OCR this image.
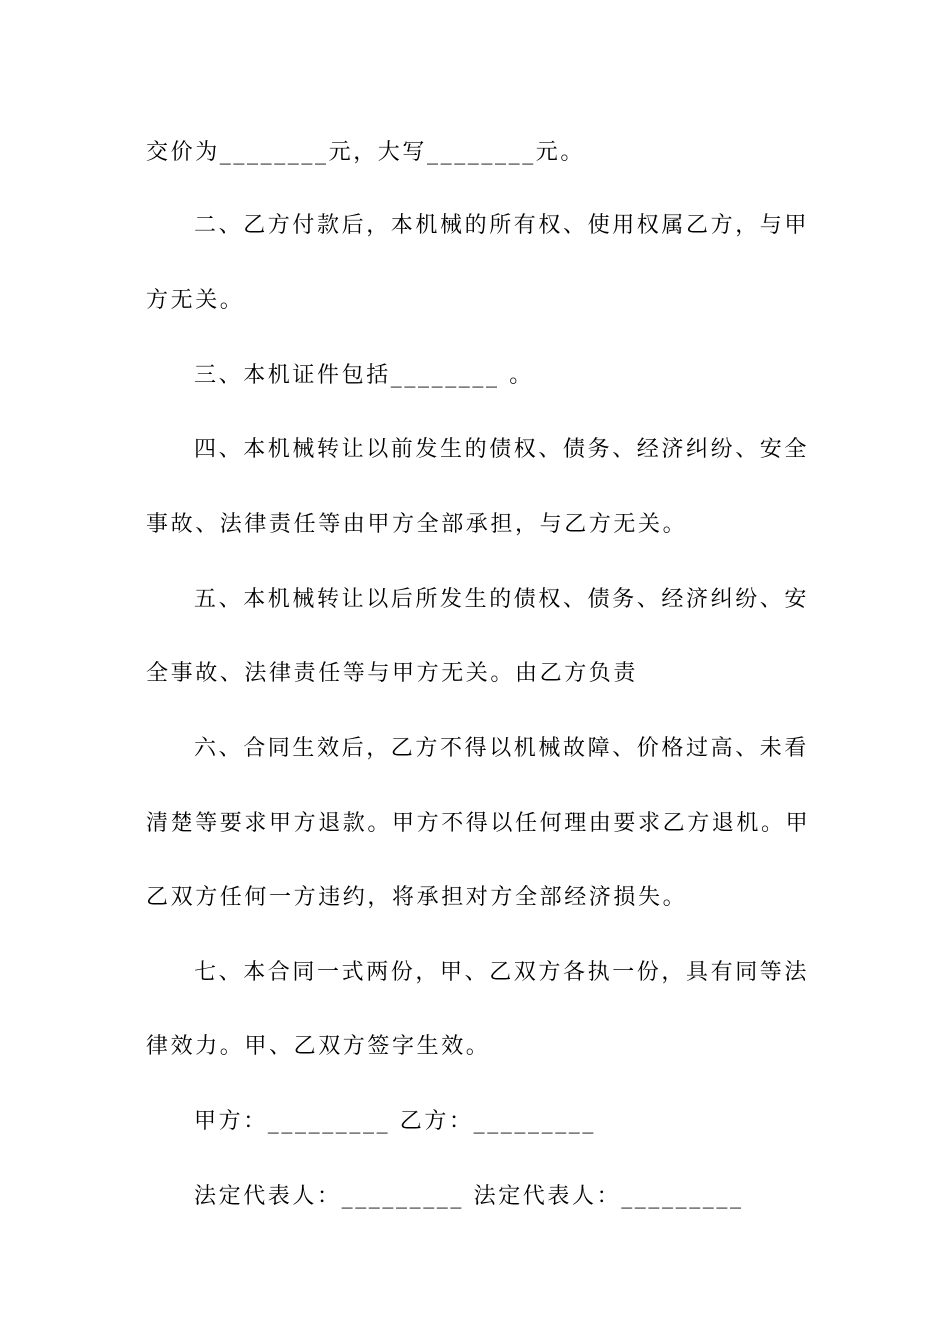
交价为________元，大写________元。
二、乙方付款后，本机械的所有权、使用权属乙方，与甲
方无关。
三、本机证件包括________ 。
四、本机械转让以前发生的债权、债务、经济纠纷、安全
事故、法律责任等由甲方全部承担，与乙方无关。
五、本机械转让以后所发生的债权、债务、经济纠纷、安
全事故、法律责任等与甲方无关。由乙方负责
六、合同生效后，乙方不得以机械故障、价格过高、未看
清楚等要求甲方退款。甲方不得以任何理由要求乙方退机。甲
乙双方任何一方违约，将承担对方全部经济损失。
七、本合同一式两份，甲、乙双方各执一份，具有同等法
律效力。甲、乙双方签字生效。
甲方：_________ 乙方：_________
法定代表人：_________ 法定代表人：_________
